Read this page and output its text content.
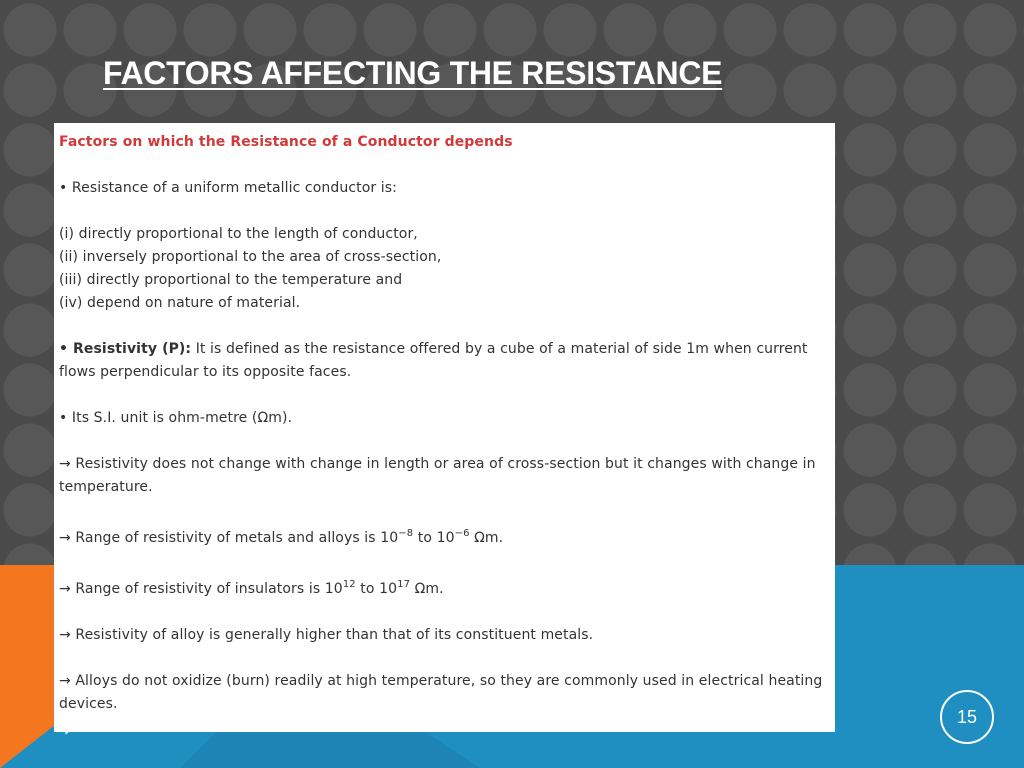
FACTORS AFFECTING THE RESISTANCE

Factors on which the Resistance of a Conductor depends

• Resistance of a uniform metallic conductor is:

(i) directly proportional to the length of conductor,

(ii) inversely proportional to the area of cross-section,

(iii) directly proportional to the temperature and

(iv) depend on nature of material.

• Resistivity (P): It is defined as the resistance offered by a cube of a material of side 1m when current flows perpendicular to its opposite faces.

• Its S.I. unit is ohm-metre (Ωm).

→ Resistivity does not change with change in length or area of cross-section but it changes with change in temperature.

→ Range of resistivity of metals and alloys is $10^{-8}$ to $10^{-6}$ Ωm.

→ Range of resistivity of insulators is $10^{12}$ to $10^{17}$ Ωm.

→ Resistivity of alloy is generally higher than that of its constituent metals.

→ Alloys do not oxidize (burn) readily at high temperature, so they are commonly used in electrical heating devices.

22
15
